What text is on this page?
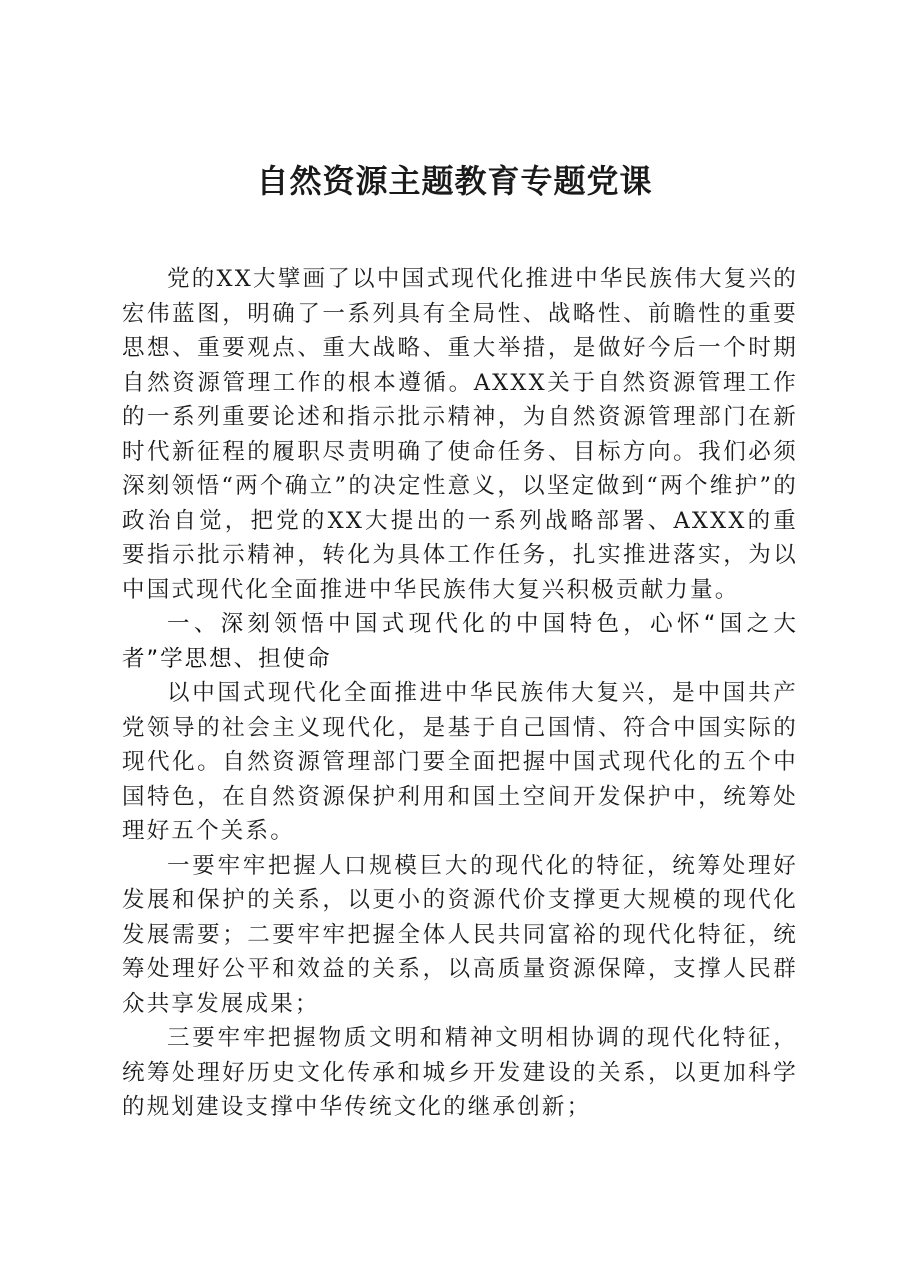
自然资源主题教育专题党课

党的XX大擘画了以中国式现代化推进中华民族伟大复兴的宏伟蓝图，明确了一系列具有全局性、战略性、前瞻性的重要思想、重要观点、重大战略、重大举措，是做好今后一个时期自然资源管理工作的根本遵循。AXXX关于自然资源管理工作的一系列重要论述和指示批示精神，为自然资源管理部门在新时代新征程的履职尽责明确了使命任务、目标方向。我们必须深刻领悟“两个确立”的决定性意义，以坚定做到“两个维护”的政治自觉，把党的XX大提出的一系列战略部署、AXXX的重要指示批示精神，转化为具体工作任务，扎实推进落实，为以中国式现代化全面推进中华民族伟大复兴积极贡献力量。

一、深刻领悟中国式现代化的中国特色，心怀“国之大者”学思想、担使命

以中国式现代化全面推进中华民族伟大复兴，是中国共产党领导的社会主义现代化，是基于自己国情、符合中国实际的现代化。自然资源管理部门要全面把握中国式现代化的五个中国特色，在自然资源保护利用和国土空间开发保护中，统筹处理好五个关系。

一要牢牢把握人口规模巨大的现代化的特征，统筹处理好发展和保护的关系，以更小的资源代价支撑更大规模的现代化发展需要；二要牢牢把握全体人民共同富裕的现代化特征，统筹处理好公平和效益的关系，以高质量资源保障，支撑人民群众共享发展成果；

三要牢牢把握物质文明和精神文明相协调的现代化特征，统筹处理好历史文化传承和城乡开发建设的关系，以更加科学的规划建设支撑中华传统文化的继承创新；
